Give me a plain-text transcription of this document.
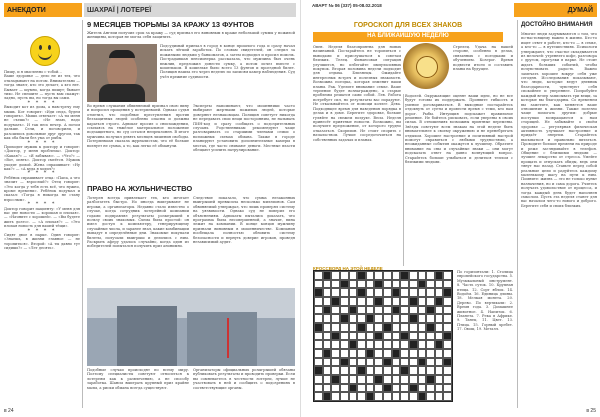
АНЕКДОТИ	ШАХРАЇ | ЛОТЕРЕЇ
Пишу, и я мысленно с тобой...
Ваше здоровье — дело не из тех, что откладывают на потом. Внимательно — тогда знают, кто это делает, а кто нет. Бывает — шумно, когда пишут; бывает тихо. Не спешите — пусть вам скажут: ладно, пусть вы, но тогда вы сами.
* * * *
Выходит кот из дома, а навстречу ему мышь. Кот говорит: «Иди сюда, будем говорить». Мышь отвечает: «А ты меня не съешь?» — «Не знаю, надо подумать». И так весь вечер. А потом дальше. Сели, и поговорили, и разошлись довольные друг другом, так как оба были без ума от рыбы.
* * * *
Приходит мужик к доктору и говорит: «Доктор, у меня проблема». Доктор: «Какая?» — «Я забываю». — «Что?» — «Вот, опять». Доктор смеётся. Мужик уходит домой. Жена спрашивает: «Ну как?» — «А куда я ходил?»
* * * *
Ребёнок спрашивает отца: «Папа, а что значит — взрослый?» Отец говорит: «Это когда у тебя есть всё, что нужно, кроме времени». Ребёнок подумал и сказал: «Тогда я никогда не стану взрослым».
* * * *
Доктор говорит пациенту: «У меня для вас две новости — хорошая и плохая». — «Начните с хорошей». — «Вы будете жить долго». — «А плохая?» — «Это плохая новость для вашей тёщи».
* * * *
Сидят двое в парке. Один говорит: «Знаешь, в жизни главное — не торопиться». Второй: «А ты давно тут сидишь?» — «Лет десять».
9 МЕСЯЦЕВ ТЮРЬМЫ ЗА КРАЖУ 13 ФУНТОВ
Житель Англии получил срок за кражу — суд признал его виновным в краже небольшой суммы у пожилой женщины, которая не могла себя защитить.
Подсудимый приехал в город в конце прошлого года и сразу начал искать лёгкий заработок. По словам свидетелей, он следил за пожилыми людьми у банкоматов, а затем подходил и просил помочь. Пострадавшая пенсионерка рассказала, что мужчина был очень вежлив, предложил донести сумку, а потом исчез вместе с кошельком. В кошельке было всего 13 фунтов и проездной билет. Полиция нашла его через неделю по записям камер наблюдения. Суд учёл прежние судимости.
Во время слушания обвиняемый признал свою вину и попросил прощения у потерпевшей. Однако судья отметил, что подобные преступления против беззащитных людей особенно опасны и должны караться строго. Адвокат просил о снисхождении, ссылаясь на тяжёлое материальное положение подзащитного, но суд остался непреклонен. В итоге мужчина получил девять месяцев лишения свободы. Потерпевшая сказала журналистам, что её больше волнует не сумма, а то, как легко её обманули.
Эксперты напоминают, что мошенники часто выбирают жертвами пожилых людей, которые доверяют незнакомцам. Полиция советует никогда не передавать свои вещи посторонним, не называть ПИН-код и сразу сообщать о подозрительных случаях. Родственникам рекомендуют чаще разговаривать со старшими членами семьи о возможных схемах обмана. Также в городе планируют установить дополнительные камеры в местах, где часто снимают деньги. Местные власти обещают усилить патрулирование.
ПРАВО НА ЖУЛЬНИЧЕСТВО
Лотерея всегда привлекает тех, кто мечтает разбогатеть быстро. Но иногда выигрывают не игроки, а организаторы. Недавно стало известно о случае, когда сотрудник лотерейной компании годами подправлял результаты розыгрышей в пользу своих знакомых. Схема была простой: он имел доступ к компьютеру, генерирующему случайные числа, и заранее знал, какие комбинации выпадут в определённые дни. Знакомые покупали билеты, получали выигрыш и делились с ним. Раскрыть аферу удалось случайно, когда один из победителей попытался получить приз анонимно.
Следствие показало, что сумма незаконных выигрышей превысила несколько миллионов. Сам обвиняемый утверждал, что лишь проверял систему на уязвимости. Однако суд не поверил его объяснениям. Адвокаты пытались доказать, что программа была несовершенной, а значит, вина лежит на компании. В конце концов мужчину признали виновным в мошенничестве. Компания пообещала полностью обновить систему безопасности и вернуть доверие игроков, проведя независимый аудит.
Подобные случаи происходят по всему миру. Поэтому специалисты советуют относиться к лотереям как к развлечению, а не способу заработка. Шансы выиграть крупный приз крайне малы, а риски обмана всегда существуют.
Организаторы официальных розыгрышей обязаны публиковать результаты и проводить проверки. Если вы сомневаетесь в честности лотереи, лучше не участвовать в ней и сообщить о подозрениях в соответствующие органы.
в 24
АВАРТ № 06 (337) 05-08.02.2018
ДУМАЙ
ГОРОСКОП ДЛЯ ВСЕХ ЗНАКОВ
НА БЛИЖАЙШУЮ НЕДЕЛЮ
Овен. Неделя благоприятна для новых начинаний. Постарайтесь не торопиться с выводами и прислушаться к советам близких. Телец. Финансовая ситуация улучшится, но избегайте импульсивных покупок. Вторая половина недели подходит для отдыха. Близнецы. Ожидайте интересных встреч и полезных знакомств. Возможна поездка, которая изменит ваши планы. Рак. Уделите внимание семье. Ваше терпение будет вознаграждено, а старые проблемы решатся сами собой. Лев. Работа потребует сил, но результаты вас порадуют. Не отказывайтесь от помощи коллег. Дева. Подходящее время для наведения порядка в делах и в доме. Берегите здоровье, больше гуляйте на свежем воздухе. Весы. Неделя принесёт приятные новости. Возможно, вы получите предложение, от которого трудно отказаться. Скорпион. Не стоит спорить с начальством. Лучше сосредоточиться на собственных задачах и планах.
Стрелец. Удача на вашей стороне, особенно в делах, связанных с поездками и обучением. Козерог. Время подвести итоги и составить планы на будущее.
Водолей. Окружающие оценят ваши идеи, но не все будут готовы их поддержать. Проявите гибкость и умение договариваться. В выходные постарайтесь отдохнуть от суеты и провести время с теми, кто вам дорог. Рыбы. Интуиция подскажет правильное решение. Не бойтесь рисковать, если уверены в своих силах. В отношениях возможны приятные перемены. Звёзды советуют всем знакам на этой неделе быть внимательнее к своему окружению и не пренебрегать отдыхом. Хорошее настроение и позитивный настрой помогут справиться с любыми трудностями, а неожиданные события окажутся к лучшему. Обратите внимание на сны и случайные знаки — они могут подсказать ответ на давно волнующий вопрос. Старайтесь больше улыбаться и делиться теплом с близкими людьми.
КРОССВОРД НА ЭТОЙ НЕДЕЛЕ
По горизонтали: 1. Столица европейского государства. 5. Музыкальный инструмент. 8. Часть суток. 10. Крупная птица. 12. Сорт яблок. 14. Водоём. 16. Единица длины. 18. Мелкая монета. 20. Дерево. По вертикали: 2. Время года. 3. Домашнее животное. 4. Напиток. 6. Планета. 7. Река в Африке. 9. Танец. 11. Цвет. 13. Птица. 15. Горный хребет. 17. Овощ. 19. Металл.
ДОСТОЙНО ВНИМАНИЯ
Многие люди задумываются о том, что по-настоящему важно в жизни. Кто-то ищет ответ в работе, кто-то — в семье, а кто-то — в путешествиях. Психологи утверждают, что счастье складывается из мелочей: утреннего кофе, разговора с другом, прогулки в парке. Не стоит ждать больших событий, чтобы почувствовать радость. Важно замечать хорошее вокруг себя уже сегодня. Исследования показывают, что люди, которые ведут дневник благодарности, чувствуют себя спокойнее и увереннее. Попробуйте каждый вечер записывать три вещи, за которые вы благодарны. Со временем вы заметите, как меняется ваше отношение к жизни. Также полезно чаще помогать другим: добрые поступки возвращаются к нам сторицей. Не забывайте о своём здоровье — регулярная физическая активность улучшает настроение и придаёт энергии. Старайтесь высыпаться и правильно питаться. Проводите больше времени на природе и реже заглядывайте в телефон. Общение с близкими людьми — лучшее лекарство от стресса. Умейте прощать и отпускать обиды, ведь они тянут нас назад. Ставьте перед собой реальные цели и радуйтесь каждому маленькому шагу на пути к ним. Помните: жизнь — это не только пункт назначения, но и сама дорога. Учитесь получать удовольствие от процесса, и тогда каждый день будет наполнен смыслом. Пусть эта неделя станет для вас началом чего-то нового и доброго. Берегите себя и своих близких.
в 25
